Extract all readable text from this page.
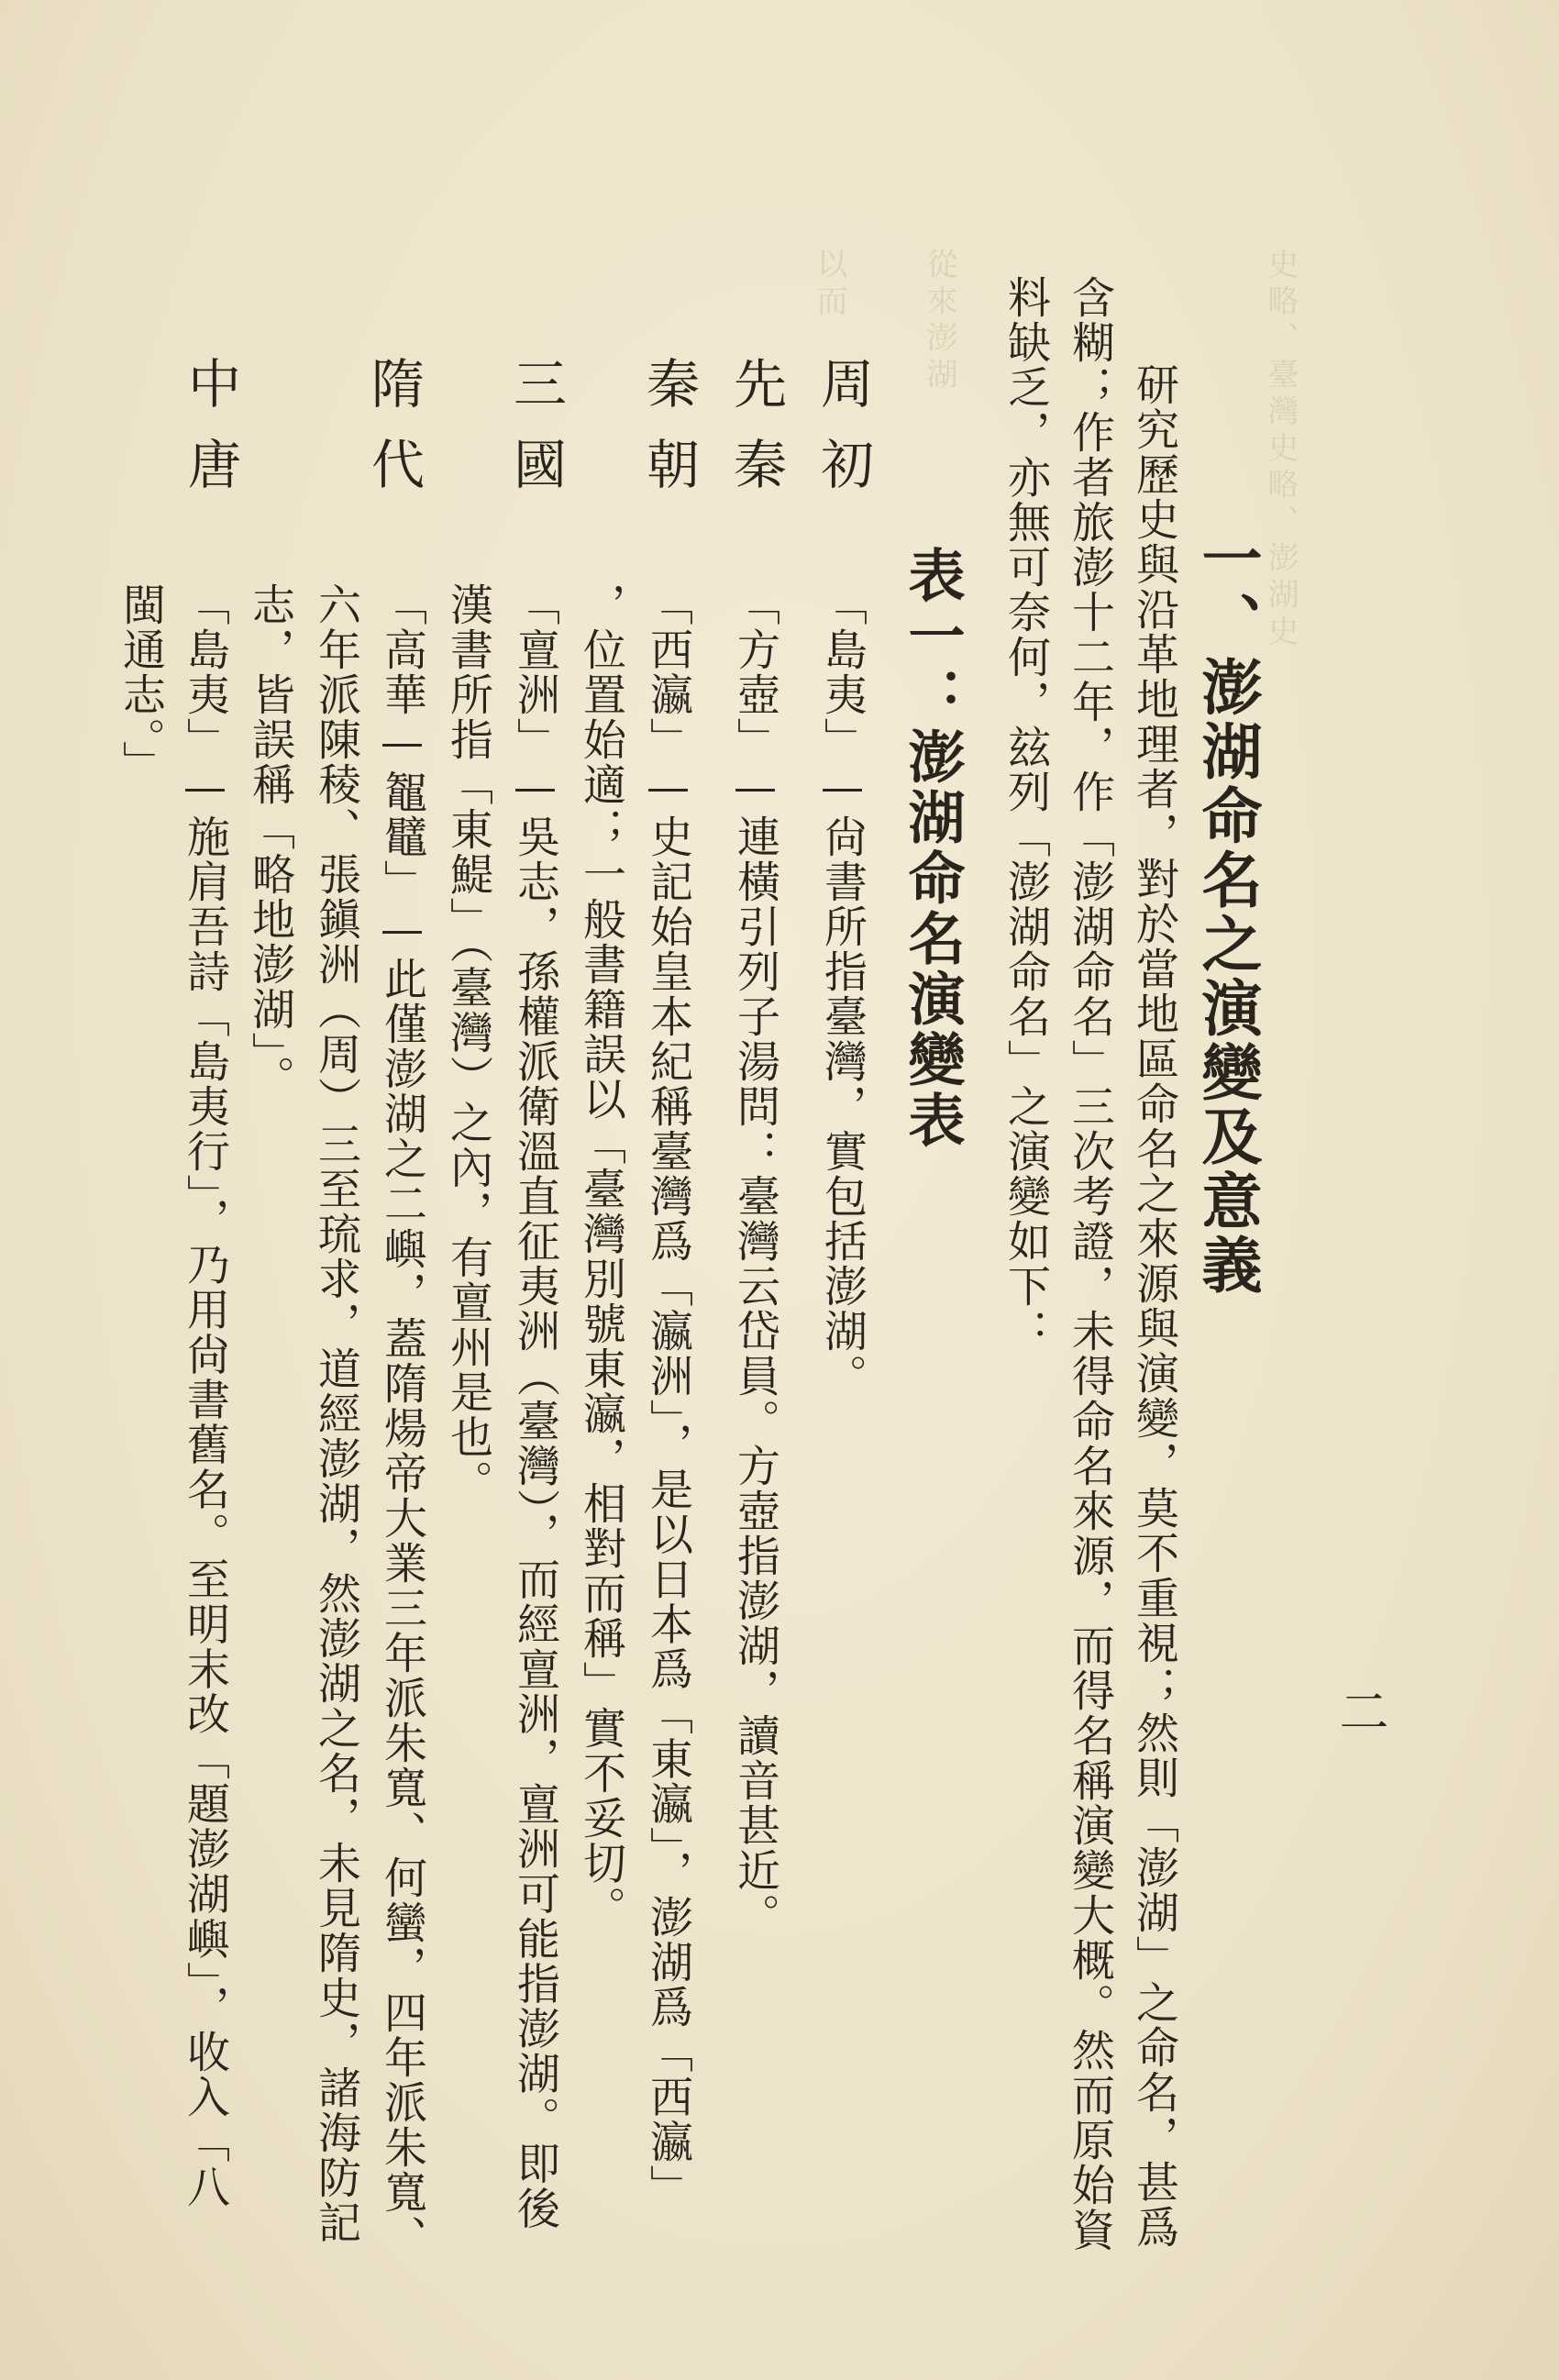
史略、臺灣史略、澎湖史
從來澎湖
以而
二
一、澎湖命名之演變及意義
研究歷史與沿革地理者，對於當地區命名之來源與演變，莫不重視；然則「澎湖」之命名，甚爲
含糊；作者旅澎十二年，作「澎湖命名」三次考證，未得命名來源，而得名稱演變大概。然而原始資
料缺乏，亦無可奈何，玆列「澎湖命名」之演變如下：
表一：澎湖命名演變表
周初
「島夷」—尙書所指臺灣，實包括澎湖。
先秦
「方壺」—連橫引列子湯問：臺灣云岱員。方壺指澎湖，讀音甚近。
秦朝
「西瀛」—史記始皇本紀稱臺灣爲「瀛洲」，是以日本爲「東瀛」，澎湖爲「西瀛」
，位置始適；一般書籍誤以「臺灣別號東瀛，相對而稱」實不妥切。
三國
「亶洲」—吳志，孫權派衛溫直征夷洲（臺灣），而經亶洲，亶洲可能指澎湖。即後
漢書所指「東鯷」（臺灣）之內，有亶州是也。
隋代
「高華—鼅鼊」—此僅澎湖之二嶼，蓋隋煬帝大業三年派朱寬、何蠻，四年派朱寬、
六年派陳稜、張鎭洲（周）三至琉求，道經澎湖，然澎湖之名，未見隋史，諸海防記
志，皆誤稱「略地澎湖」。
中唐
「島夷」—施肩吾詩「島夷行」，乃用尙書舊名。至明末改「題澎湖嶼」，收入「八
閩通志。」
